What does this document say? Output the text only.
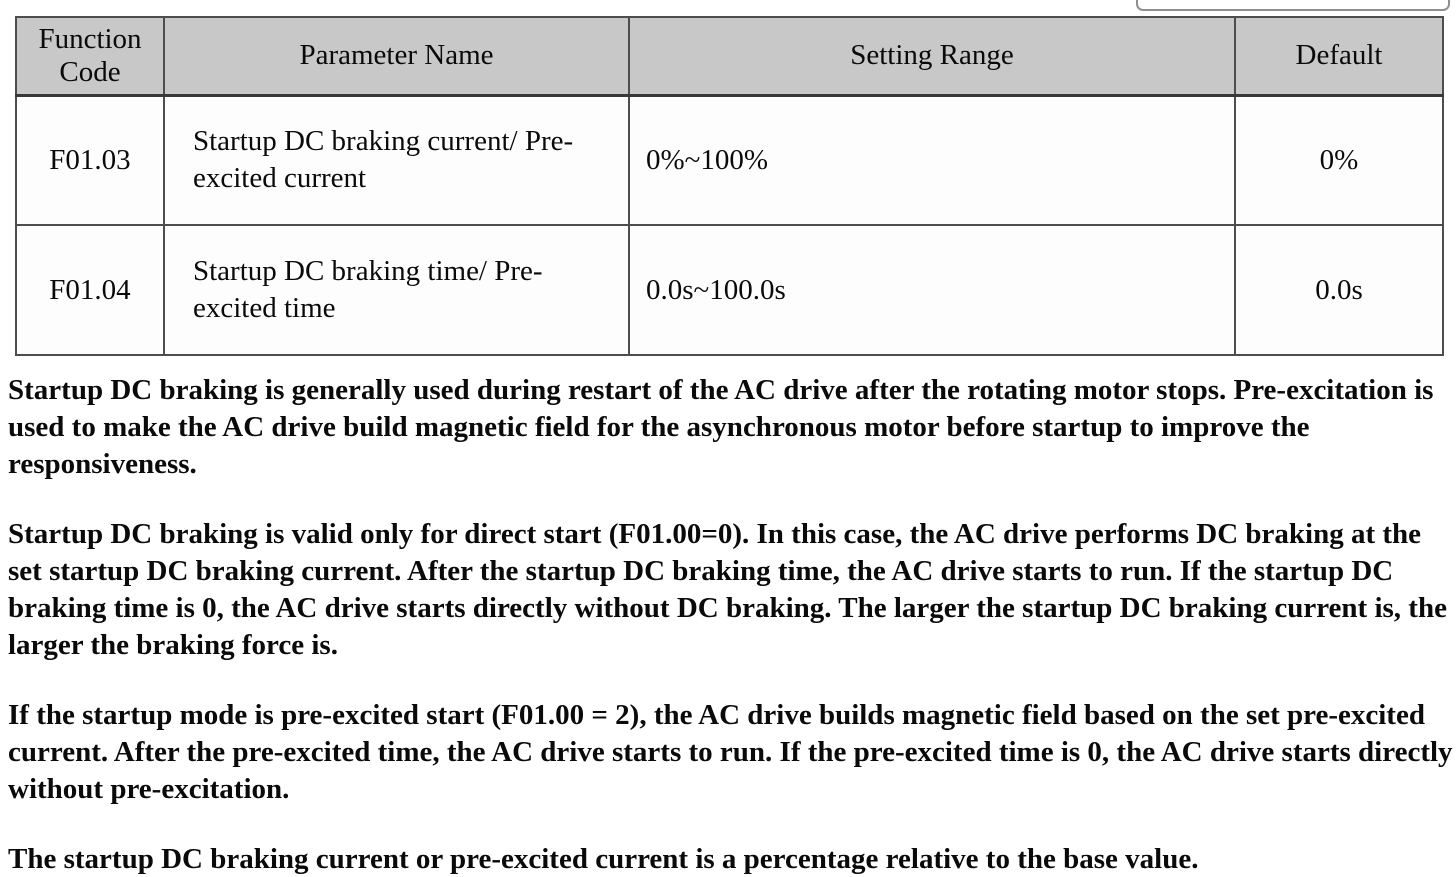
Function Code	Parameter Name	Setting Range	Default
F01.03	Startup DC braking current/ Pre-excited current	0%~100%	0%
F01.04	Startup DC braking time/ Pre-excited time	0.0s~100.0s	0.0s

Startup DC braking is generally used during restart of the AC drive after the rotating motor stops. Pre-excitation is used to make the AC drive build magnetic field for the asynchronous motor before startup to improve the responsiveness.

Startup DC braking is valid only for direct start (F01.00=0). In this case, the AC drive performs DC braking at the set startup DC braking current. After the startup DC braking time, the AC drive starts to run. If the startup DC braking time is 0, the AC drive starts directly without DC braking. The larger the startup DC braking current is, the larger the braking force is.

If the startup mode is pre-excited start (F01.00 = 2), the AC drive builds magnetic field based on the set pre-excited current. After the pre-excited time, the AC drive starts to run. If the pre-excited time is 0, the AC drive starts directly without pre-excitation.

The startup DC braking current or pre-excited current is a percentage relative to the base value.
